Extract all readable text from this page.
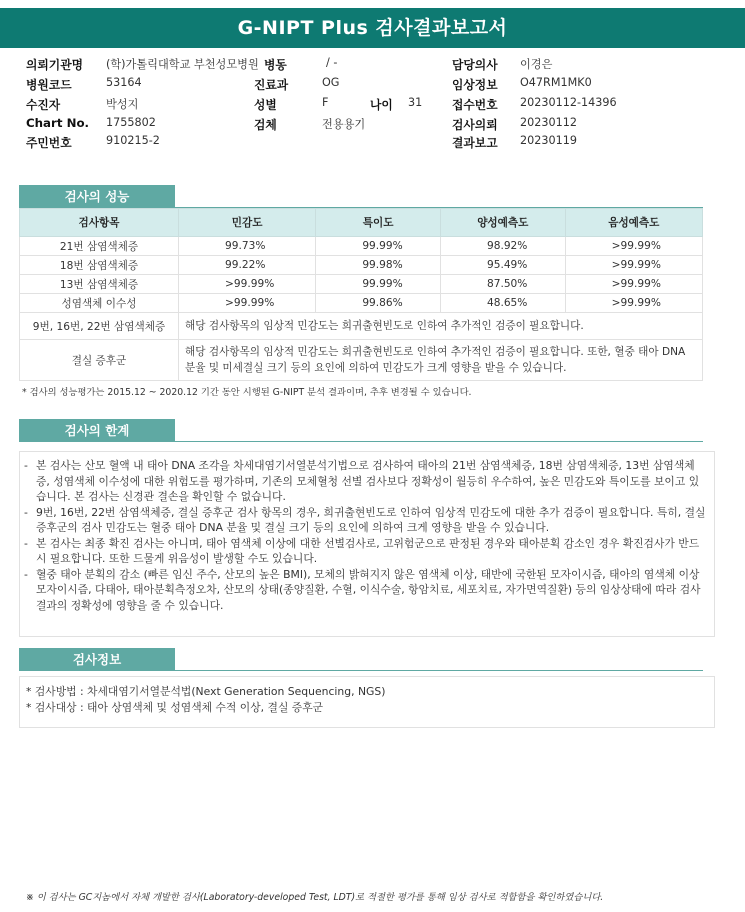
G-NIPT Plus 검사결과보고서
의뢰기관명 (학)가톨릭대학교 부천성모병원 병동	/ -	담당의사 이경은
병원코드	53164	진료과	OG	임상정보 O47RM1MK0
수진자	박성지	성별	F	나이 31	접수번호 20230112-14396
Chart No. 1755802	검체	전용용기	검사의뢰 20230112
주민번호	910215-2	결과보고 20230119
검사의 성능
검사항목	민감도	특이도	양성예측도	음성예측도
21번 삼염색체증	99.73%	99.99%	98.92%	>99.99%
18번 삼염색체증	99.22%	99.98%	95.49%	>99.99%
13번 삼염색체증	>99.99%	99.99%	87.50%	>99.99%
성염색체 이수성	>99.99%	99.86%	48.65%	>99.99%
9번, 16번, 22번 삼염색체증	해당 검사항목의 임상적 민감도는 희귀출현빈도로 인하여 추가적인 검증이 필요합니다.			
결실 증후군	해당 검사항목의 임상적 민감도는 희귀출현빈도로 인하여 추가적인 검증이 필요합니다. 또한, 혈중 태아 DNA 분율 및 미세결실 크기 등의 요인에 의하여 민감도가 크게 영향을 받을 수 있습니다.			
* 검사의 성능평가는 2015.12 ~ 2020.12 기간 동안 시행된 G-NIPT 분석 결과이며, 추후 변경될 수 있습니다.
검사의 한계
- 본 검사는 산모 혈액 내 태아 DNA 조각을 차세대염기서열분석기법으로 검사하여 태아의 21번 삼염색체증, 18번 삼염색체증, 13번 삼염색체증, 성염색체 이수성에 대한 위험도를 평가하며, 기존의 모체혈청 선별 검사보다 정확성이 월등히 우수하여, 높은 민감도와 특이도를 보이고 있습니다. 본 검사는 신경관 결손을 확인할 수 없습니다.
- 9번, 16번, 22번 삼염색체증, 결실 증후군 검사 항목의 경우, 희귀출현빈도로 인하여 임상적 민감도에 대한 추가 검증이 필요합니다. 특히, 결실 증후군의 검사 민감도는 혈중 태아 DNA 분율 및 결실 크기 등의 요인에 의하여 크게 영향을 받을 수 있습니다.
- 본 검사는 최종 확진 검사는 아니며, 태아 염색체 이상에 대한 선별검사로, 고위험군으로 판정된 경우와 태아분획 감소인 경우 확진검사가 반드시 필요합니다. 또한 드물게 위음성이 발생할 수도 있습니다.
- 혈중 태아 분획의 감소 (빠른 임신 주수, 산모의 높은 BMI), 모체의 밝혀지지 않은 염색체 이상, 태반에 국한된 모자이시즘, 태아의 염색체 이상 모자이시즘, 다태아, 태아분획측정오차, 산모의 상태(종양질환, 수혈, 이식수술, 항암치료, 세포치료, 자가면역질환) 등의 임상상태에 따라 검사결과의 정확성에 영향을 줄 수 있습니다.
검사정보
* 검사방법 : 차세대염기서열분석법(Next Generation Sequencing, NGS)
* 검사대상 : 태아 상염색체 및 성염색체 수적 이상, 결실 증후군
※ 이 검사는 GC지놈에서 자체 개발한 검사(Laboratory-developed Test, LDT)로 적절한 평가를 통해 임상 검사로 적합함을 확인하였습니다.
